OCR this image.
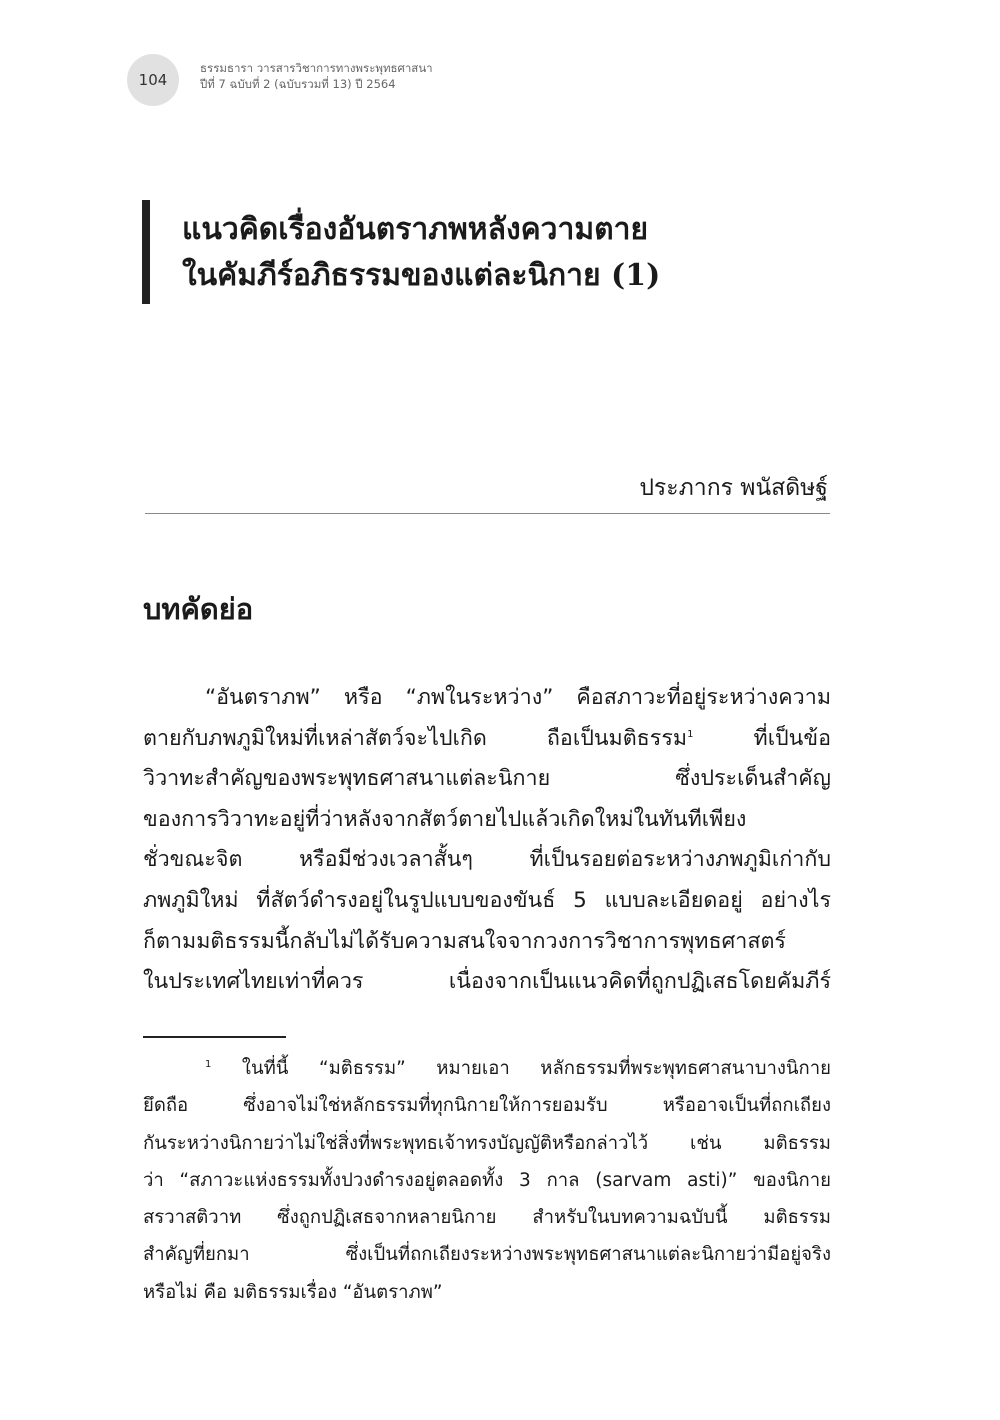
104
ธรรมธารา วารสารวิชาการทางพระพุทธศาสนา
ปีที่ 7 ฉบับที่ 2 (ฉบับรวมที่ 13) ปี 2564
แนวคิดเรื่องอันตราภพหลังความตาย
ในคัมภีร์อภิธรรมของแต่ละนิกาย (1)
ประภากร พนัสดิษฐ์
บทคัดย่อ
“อันตราภพ” หรือ “ภพในระหว่าง” คือสภาวะที่อยู่ระหว่างความ
ตายกับภพภูมิใหม่ที่เหล่าสัตว์จะไปเกิด ถือเป็นมติธรรม$^1$	ที่เป็นข้อ
วิวาทะสำคัญของพระพุทธศาสนาแต่ละนิกาย ซึ่งประเด็นสำคัญ
ของการวิวาทะอยู่ที่ว่าหลังจากสัตว์ตายไปแล้วเกิดใหม่ในทันทีเพียง
ชั่วขณะจิต หรือมีช่วงเวลาสั้นๆ ที่เป็นรอยต่อระหว่างภพภูมิเก่ากับ
ภพภูมิใหม่ ที่สัตว์ดำรงอยู่ในรูปแบบของขันธ์ 5 แบบละเอียดอยู่ อย่างไร
ก็ตามมติธรรมนี้กลับไม่ได้รับความสนใจจากวงการวิชาการพุทธศาสตร์
ในประเทศไทยเท่าที่ควร เนื่องจากเป็นแนวคิดที่ถูกปฏิเสธโดยคัมภีร์
$^1$ ในที่นี้ “มติธรรม” หมายเอา หลักธรรมที่พระพุทธศาสนาบางนิกาย
ยึดถือ ซึ่งอาจไม่ใช่หลักธรรมที่ทุกนิกายให้การยอมรับ หรืออาจเป็นที่ถกเถียง
กันระหว่างนิกายว่าไม่ใช่สิ่งที่พระพุทธเจ้าทรงบัญญัติหรือกล่าวไว้ เช่น มติธรรม
ว่า “สภาวะแห่งธรรมทั้งปวงดำรงอยู่ตลอดทั้ง 3 กาล (sarvam asti)” ของนิกาย
สรวาสติวาท ซึ่งถูกปฏิเสธจากหลายนิกาย สำหรับในบทความฉบับนี้ มติธรรม
สำคัญที่ยกมา ซึ่งเป็นที่ถกเถียงระหว่างพระพุทธศาสนาแต่ละนิกายว่ามีอยู่จริง
หรือไม่ คือ มติธรรมเรื่อง “อันตราภพ”
